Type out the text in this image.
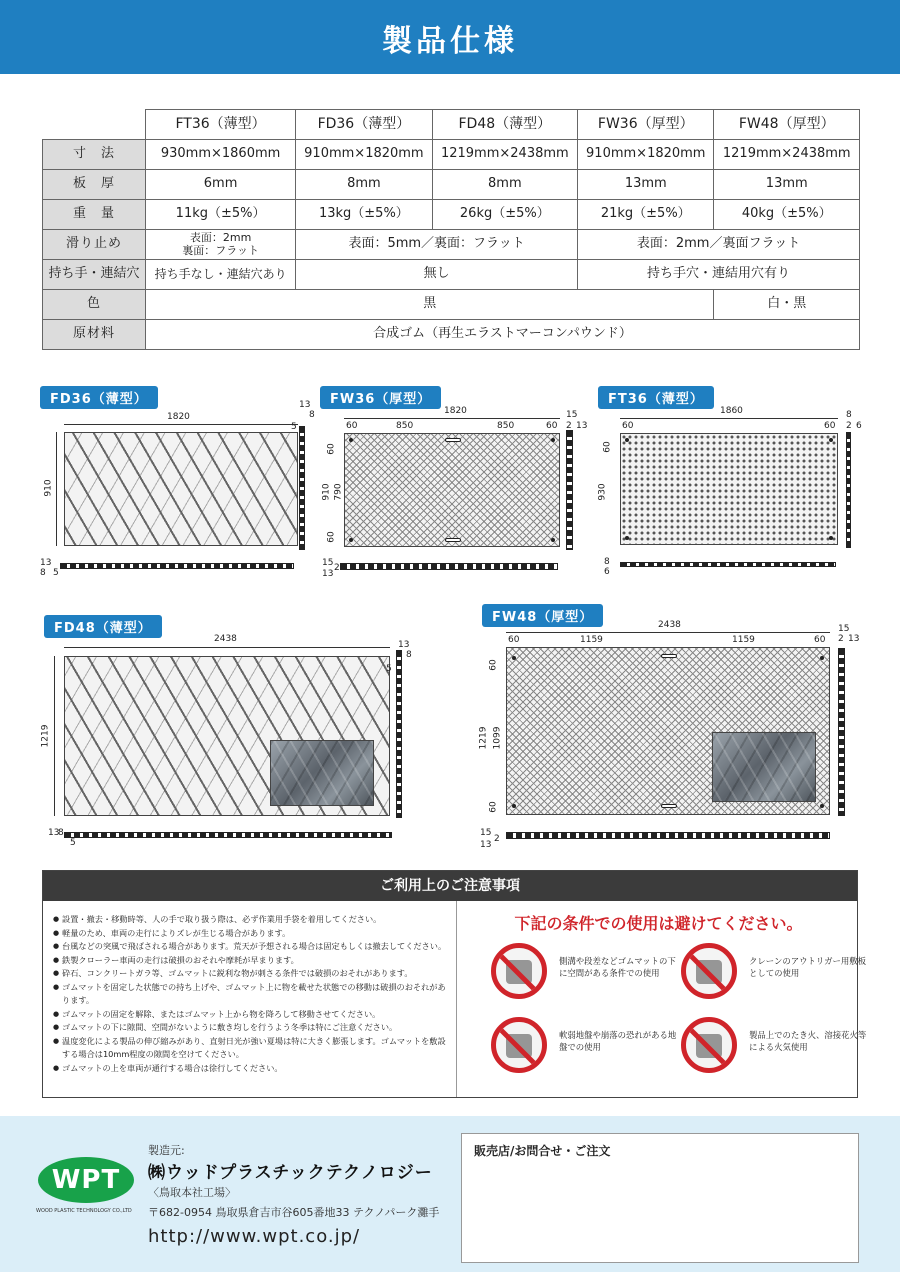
製品仕様
	FT36（薄型）	FD36（薄型）	FD48（薄型）	FW36（厚型）	FW48（厚型）
寸　法	930mm×1860mm	910mm×1820mm	1219mm×2438mm	910mm×1820mm	1219mm×2438mm
板　厚	6mm	8mm	8mm	13mm	13mm
重　量	11kg（±5%）	13kg（±5%）	26kg（±5%）	21kg（±5%）	40kg（±5%）
滑り止め	表面：2mm
裏面：フラット	表面：5mm／裏面：フラット		表面：2mm／裏面フラット	
持ち手・連結穴	持ち手なし・連結穴あり	無し		持ち手穴・連結用穴有り	
色	黒				白・黒
原材料	合成ゴム（再生エラストマーコンパウンド）				
FD36（薄型）
1820
910
13
8
5
13
8 5
FW36（厚型）
1820
60	850	850	60
60
910 790
60
15
2 13
15
13
2
FT36（薄型）
1860
60	60
60
930
8
2 6
8
6
FD48（薄型）
2438
1219
13
8
5
13
8
5
FW48（厚型）	2438
60	1159	1159	60
60
1219 1099
60
15
2 13
15
13
2
ご利用上のご注意事項
● 設置・撤去・移動時等、人の手で取り扱う際は、必ず作業用手袋を着用してください。
● 軽量のため、車両の走行によりズレが生じる場合があります。
● 台風などの突風で飛ばされる場合があります。荒天が予想される場合は固定もしくは撤去してください。
● 鉄製クローラー車両の走行は破損のおそれや摩耗が早まります。
● 砕石、コンクリートガラ等、ゴムマットに鋭利な物が刺さる条件では破損のおそれがあります。
● ゴムマットを固定した状態での持ち上げや、ゴムマット上に物を載せた状態での移動は破損のおそれがあります。
● ゴムマットの固定を解除、またはゴムマット上から物を降ろして移動させてください。
● ゴムマットの下に隙間、空間がないように敷き均しを行うよう冬季は特にご注意ください。
● 温度変化による製品の伸び縮みがあり、直射日光が強い夏場は特に大きく膨張します。ゴムマットを敷設する場合は10mm程度の隙間を空けてください。
● ゴムマットの上を車両が通行する場合は徐行してください。
下記の条件での使用は避けてください。
側溝や段差などゴムマットの下に空間がある条件での使用
クレーンのアウトリガー用敷板としての使用
軟弱地盤や崩落の恐れがある地盤での使用
製品上でのたき火、溶接花火等による火気使用
WPT
WOOD PLASTIC TECHNOLOGY CO.,LTD
製造元:
㈱ウッドプラスチックテクノロジー
〈鳥取本社工場〉
〒682-0954 鳥取県倉吉市谷605番地33 テクノパーク灘手
http://www.wpt.co.jp/
販売店/お問合せ・ご注文
